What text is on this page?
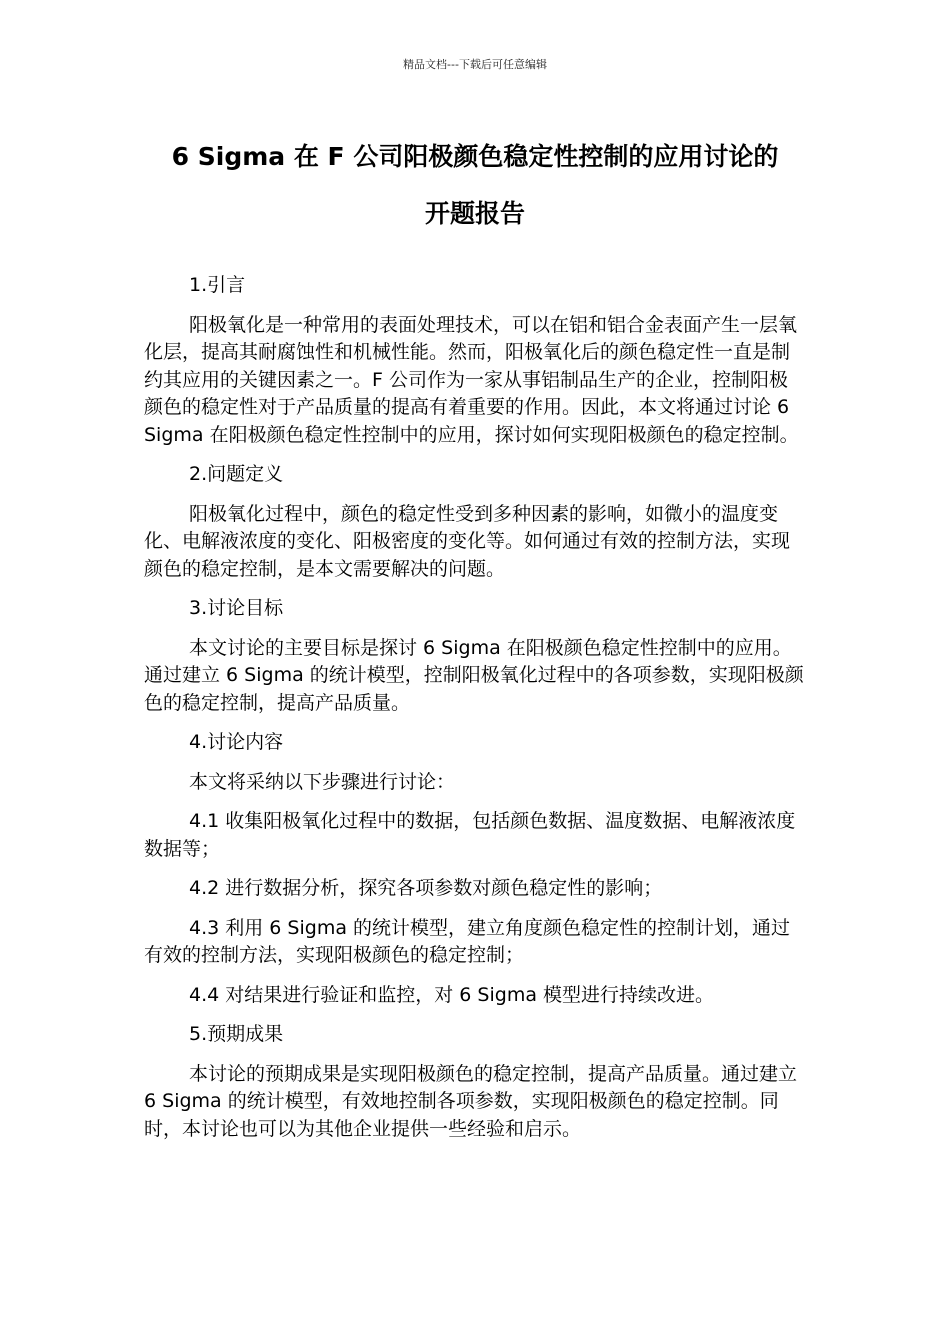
精品文档---下载后可任意编辑
6 Sigma 在 F 公司阳极颜色稳定性控制的应用讨论的
开题报告
1.引言

阳极氧化是一种常用的表面处理技术，可以在铝和铝合金表面产生一层氧化层，提高其耐腐蚀性和机械性能。然而，阳极氧化后的颜色稳定性一直是制约其应用的关键因素之一。F 公司作为一家从事铝制品生产的企业，控制阳极颜色的稳定性对于产品质量的提高有着重要的作用。因此，本文将通过讨论 6 Sigma 在阳极颜色稳定性控制中的应用，探讨如何实现阳极颜色的稳定控制。

2.问题定义

阳极氧化过程中，颜色的稳定性受到多种因素的影响，如微小的温度变化、电解液浓度的变化、阳极密度的变化等。如何通过有效的控制方法，实现颜色的稳定控制，是本文需要解决的问题。

3.讨论目标

本文讨论的主要目标是探讨 6 Sigma 在阳极颜色稳定性控制中的应用。通过建立 6 Sigma 的统计模型，控制阳极氧化过程中的各项参数，实现阳极颜色的稳定控制，提高产品质量。

4.讨论内容

本文将采纳以下步骤进行讨论：

4.1 收集阳极氧化过程中的数据，包括颜色数据、温度数据、电解液浓度数据等；

4.2 进行数据分析，探究各项参数对颜色稳定性的影响；

4.3 利用 6 Sigma 的统计模型，建立角度颜色稳定性的控制计划，通过有效的控制方法，实现阳极颜色的稳定控制；

4.4 对结果进行验证和监控，对 6 Sigma 模型进行持续改进。

5.预期成果

本讨论的预期成果是实现阳极颜色的稳定控制，提高产品质量。通过建立 6 Sigma 的统计模型，有效地控制各项参数，实现阳极颜色的稳定控制。同时，本讨论也可以为其他企业提供一些经验和启示。
